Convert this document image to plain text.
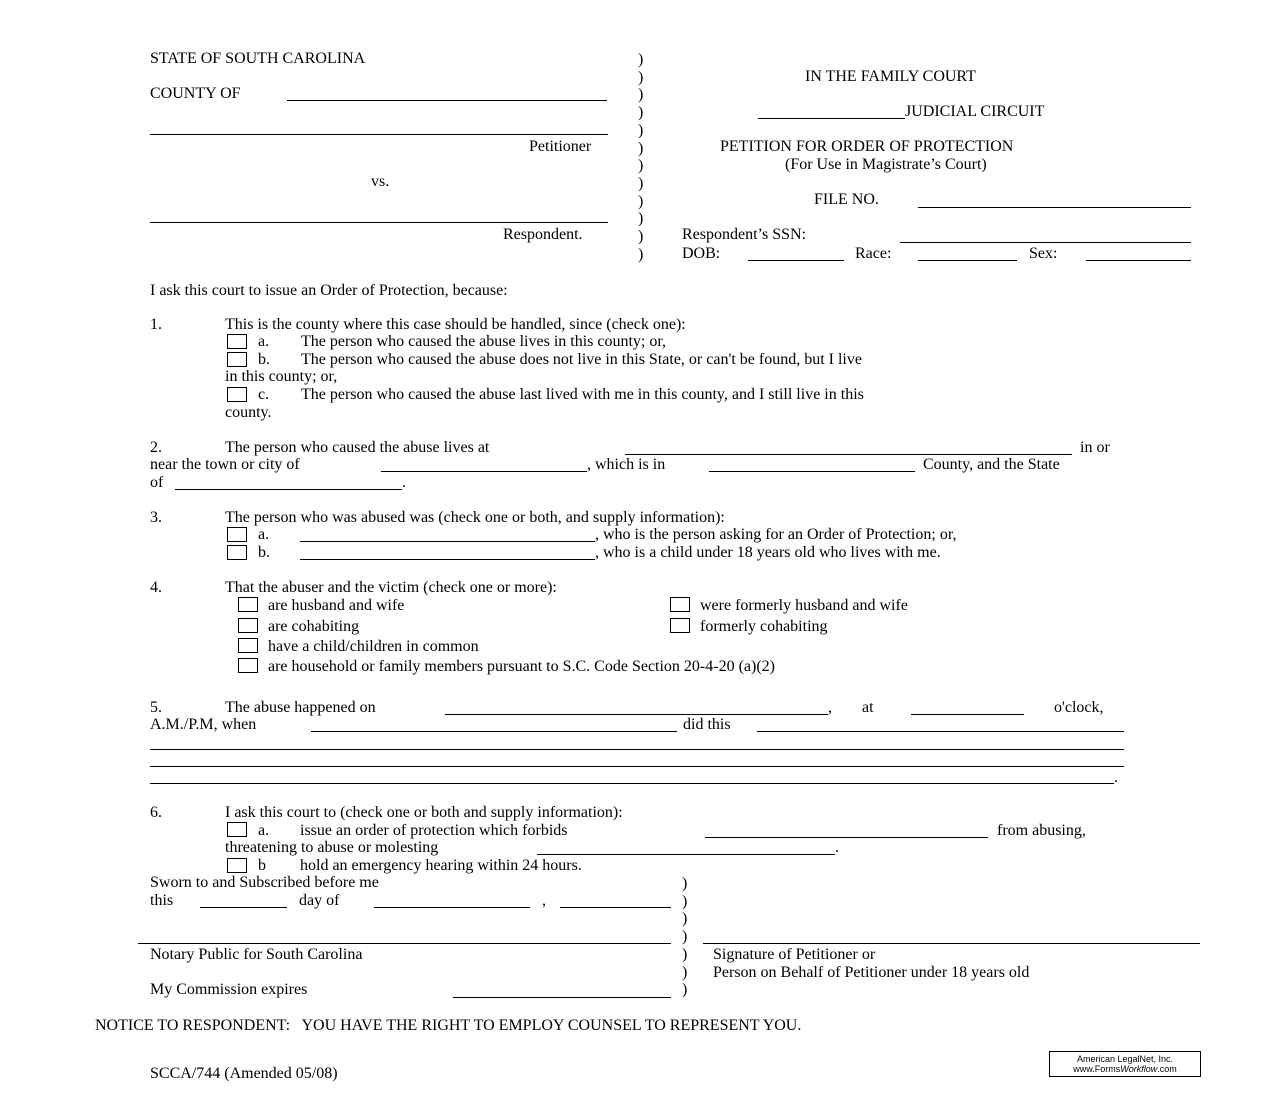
STATE OF SOUTH CAROLINA
COUNTY OF
Petitioner
vs.
Respondent.
)
)
)
)
)
)
)
)
)
)
)
)
IN THE FAMILY COURT
JUDICIAL CIRCUIT
PETITION FOR ORDER OF PROTECTION
(For Use in Magistrate’s Court)
FILE NO.
Respondent’s SSN:
DOB:	Race:	Sex:
I ask this court to issue an Order of Protection, because:
1.	This is the county where this case should be handled, since (check one):
a. The person who caused the abuse lives in this county; or,
b. The person who caused the abuse does not live in this State, or can't be found, but I live
in this county; or,
c. The person who caused the abuse last lived with me in this county, and I still live in this
county.
2.	The person who caused the abuse lives at	in or
near the town or city of	, which is in	County, and the State
of	.
3.	The person who was abused was (check one or both, and supply information):
a.	, who is the person asking for an Order of Protection; or,
b.	, who is a child under 18 years old who lives with me.
4.	That the abuser and the victim (check one or more):
are husband and wife	were formerly husband and wife
are cohabiting	formerly cohabiting
have a child/children in common
are household or family members pursuant to S.C. Code Section 20-4-20 (a)(2)
5.	The abuse happened on	, at	o'clock,
A.M./P.M, when	did this
.
6.	I ask this court to (check one or both and supply information):
a. issue an order of protection which forbids	from abusing,
threatening to abuse or molesting	.
b hold an emergency hearing within 24 hours.
Sworn to and Subscribed before me
this	day of	,
Notary Public for South Carolina
My Commission expires
)
)
)
)
)
)
)
Signature of Petitioner or
Person on Behalf of Petitioner under 18 years old
NOTICE TO RESPONDENT:   YOU HAVE THE RIGHT TO EMPLOY COUNSEL TO REPRESENT YOU.
SCCA/744 (Amended 05/08)
American LegalNet, Inc.
www.FormsWorkflow.com
